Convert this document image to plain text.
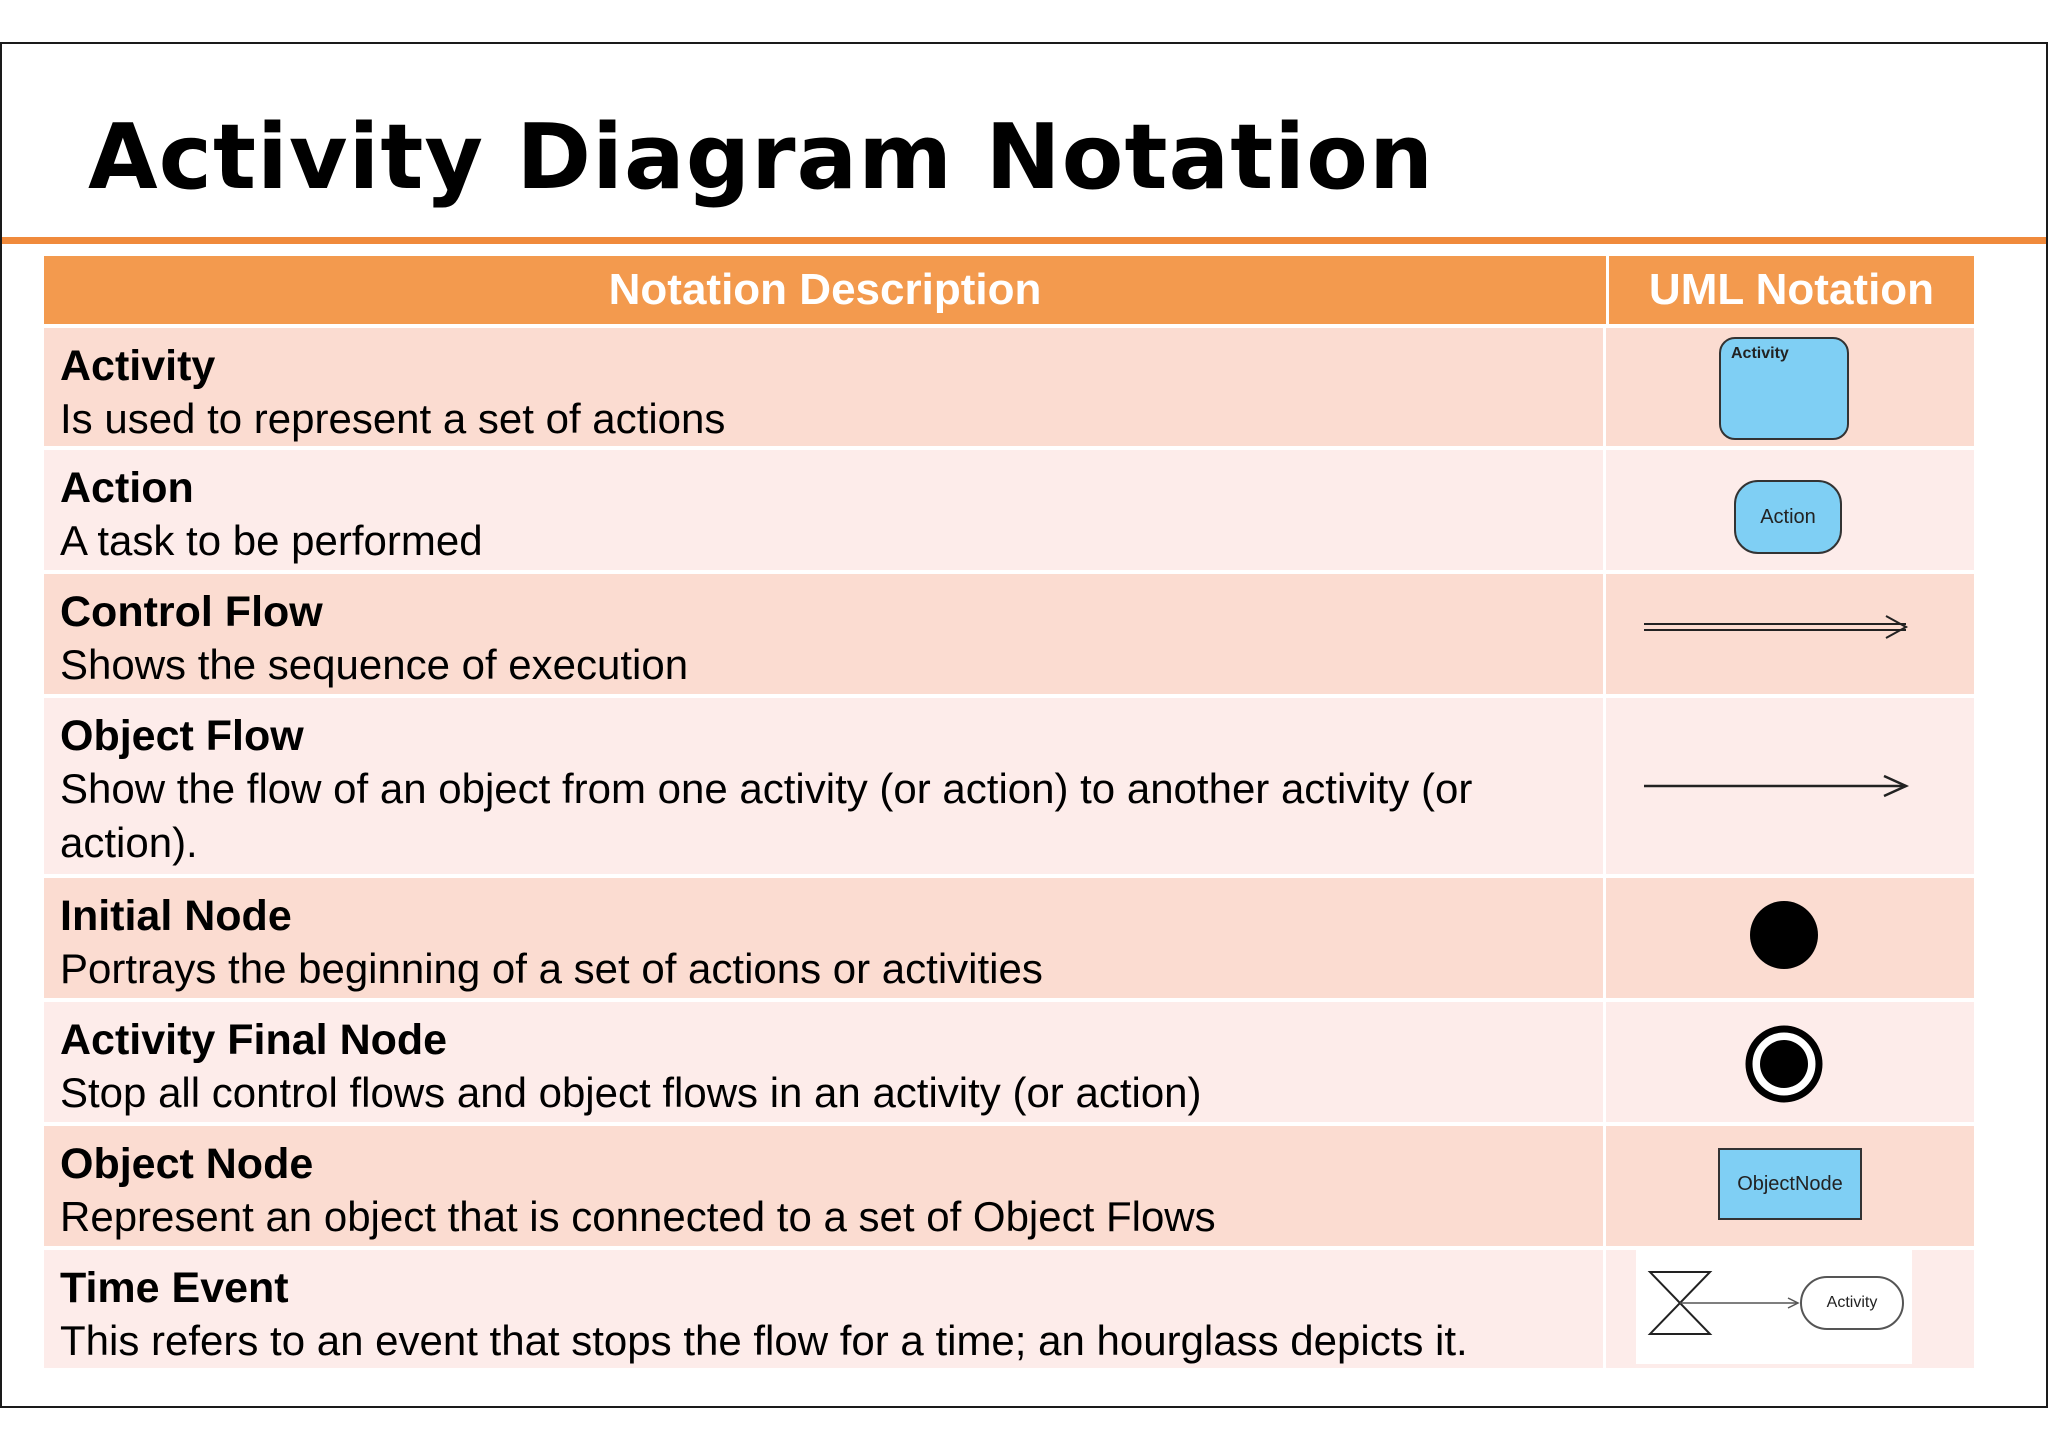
Activity Diagram Notation
Notation Description	UML Notation
Activity
Is used to represent a set of actions
Activity
Action
A task to be performed
Action
Control Flow
Shows the sequence of execution
Object Flow
Show the flow of an object from one activity (or action) to another activity (or action).
Initial Node
Portrays the beginning of a set of actions or activities
Activity Final Node
Stop all control flows and object flows in an activity (or action)
Object Node
Represent an object that is connected to a set of Object Flows
ObjectNode
Time Event
This refers to an event that stops the flow for a time; an hourglass depicts it.
Activity
